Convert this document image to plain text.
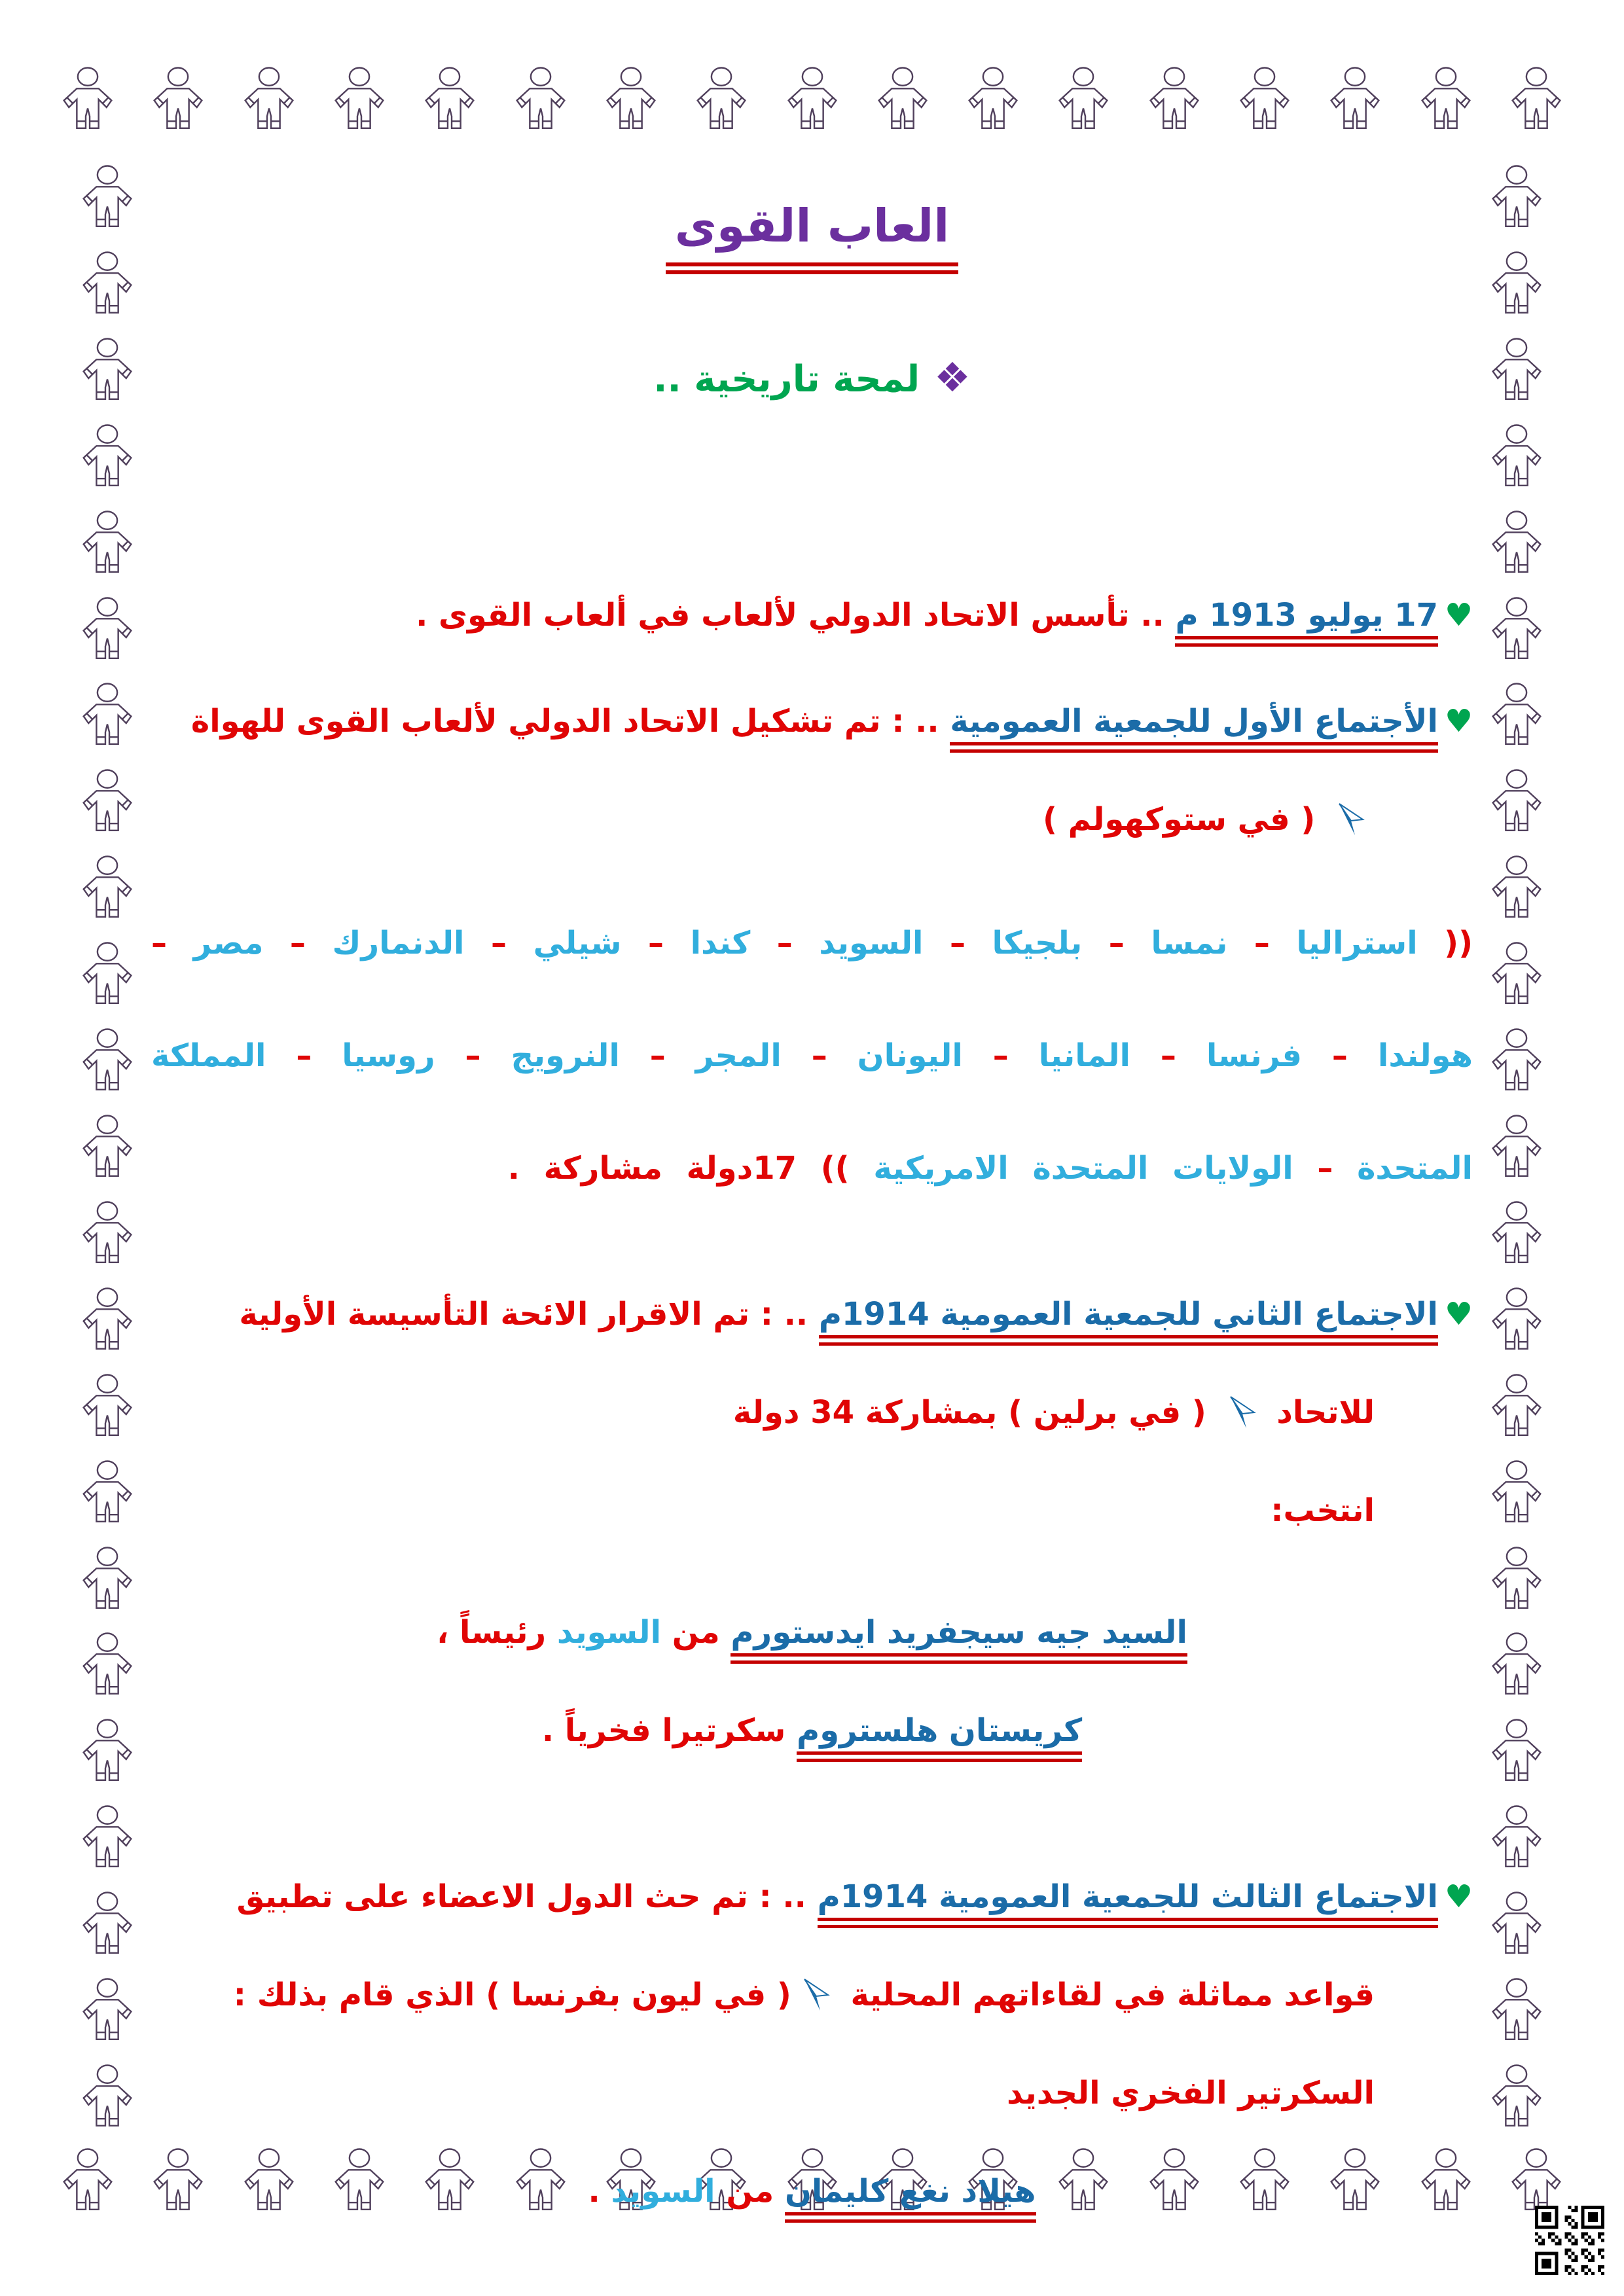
العاب القوى
❖لمحة تاريخية ..

♥17 يوليو 1913 م .. تأسس الاتحاد الدولي لألعاب في ألعاب القوى .

♥الأجتماع الأول للجمعية العمومية .. : تم تشكيل الاتحاد الدولي لألعاب القوى للهواة  ( في ستوكهولم )

(( استراليا – نمسا – بلجيكا – السويد – كندا – شيلي – الدنمارك – مصر – هولندا – فرنسا – المانيا – اليونان – المجر – النرويج – روسيا – المملكة المتحدة – الولايات المتحدة الامريكية )) 17دولة مشاركة .

♥الاجتماع الثاني للجمعية العمومية 1914م .. : تم الاقرار الائحة التأسيسة الأولية للاتحاد  ( في برلين ) بمشاركة 34 دولة
انتخب:

السيد جيه سيجفريد ايدستورم من السويد رئيساً ،

كريستان هلستروم سكرتيرا فخرياً .

♥الاجتماع الثالث للجمعية العمومية 1914م .. : تم حث الدول الاعضاء على تطبيق قواعد مماثلة في لقاءاتهم المحلية ( في ليون بفرنسا ) الذي قام بذلك : السكرتير الفخري الجديد

هيلاد نغع كليمان من السويد .
